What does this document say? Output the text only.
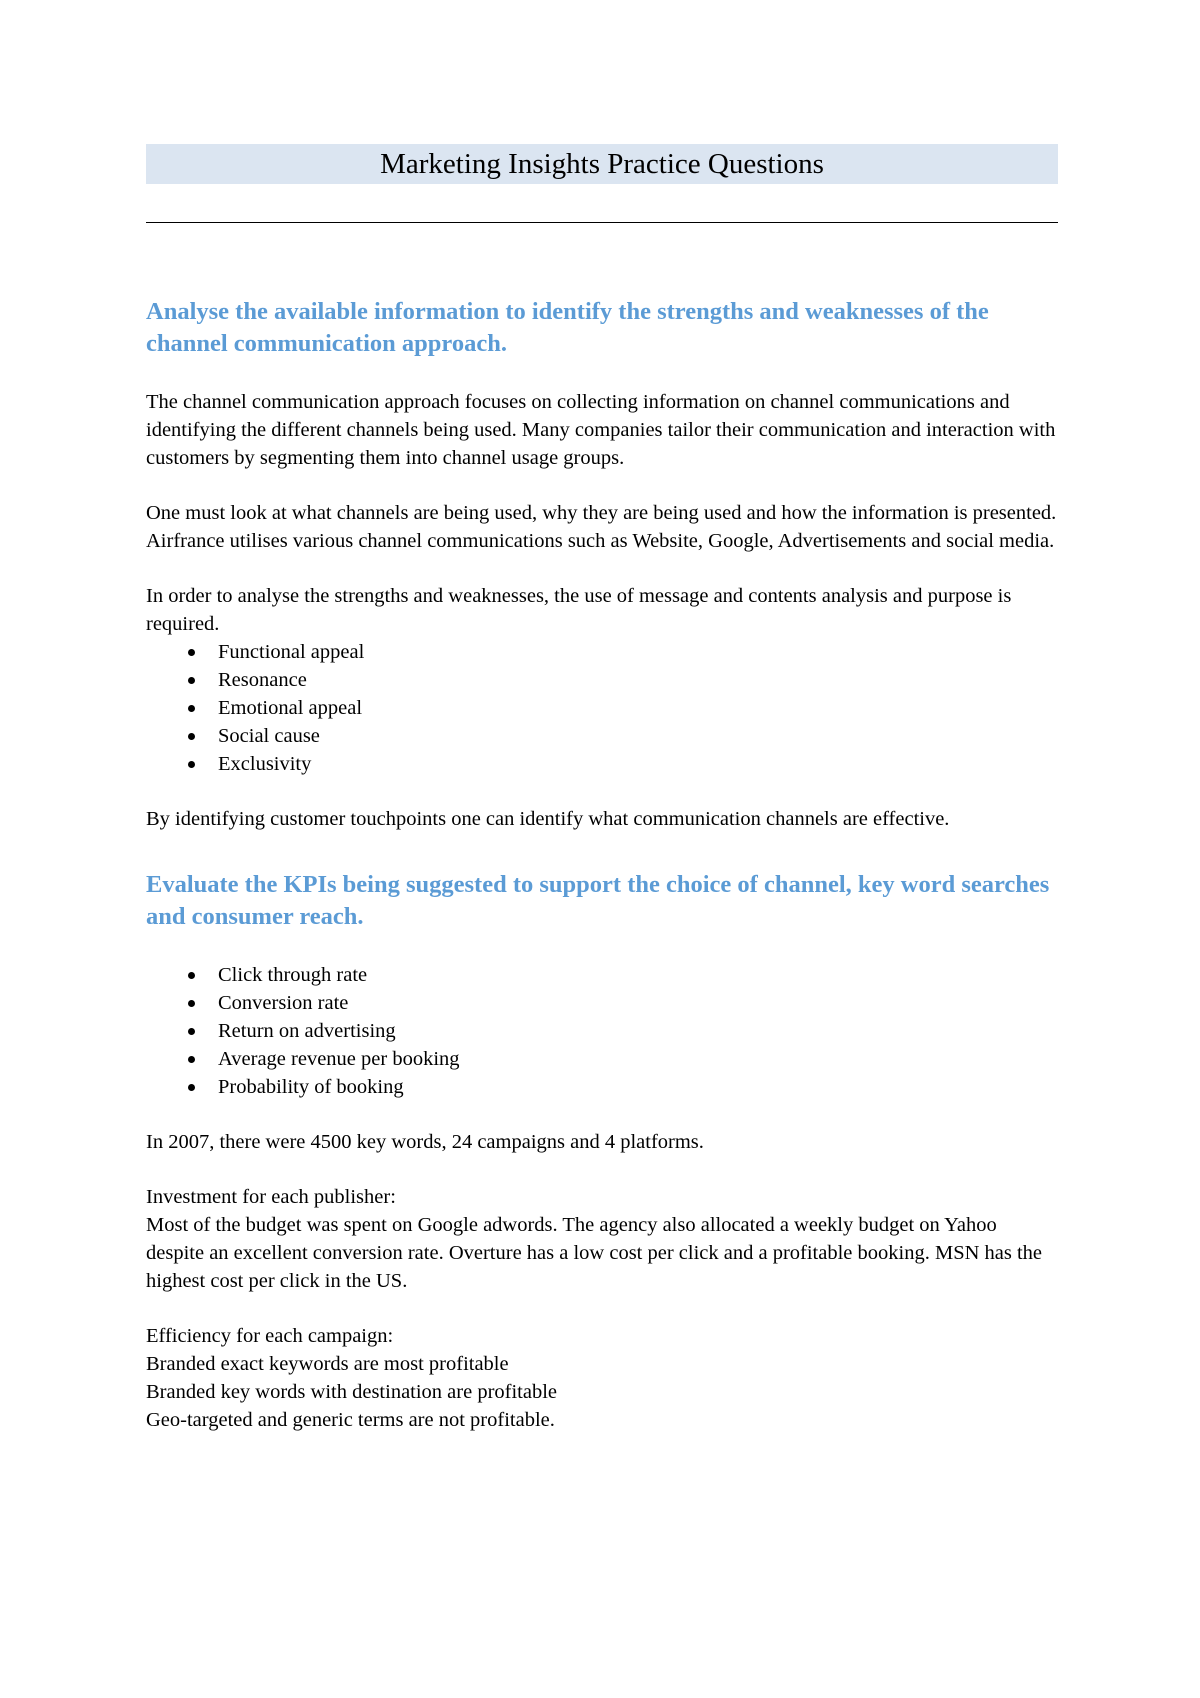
Marketing Insights Practice Questions
Analyse the available information to identify the strengths and weaknesses of the channel communication approach.

The channel communication approach focuses on collecting information on channel communications and identifying the different channels being used. Many companies tailor their communication and interaction with customers by segmenting them into channel usage groups.

One must look at what channels are being used, why they are being used and how the information is presented. Airfrance utilises various channel communications such as Website, Google, Advertisements and social media.

In order to analyse the strengths and weaknesses, the use of message and contents analysis and purpose is required.

Functional appeal
Resonance
Emotional appeal
Social cause
Exclusivity

By identifying customer touchpoints one can identify what communication channels are effective.

Evaluate the KPIs being suggested to support the choice of channel, key word searches and consumer reach.
Click through rate
Conversion rate
Return on advertising
Average revenue per booking
Probability of booking

In 2007, there were 4500 key words, 24 campaigns and 4 platforms.

Investment for each publisher:

Most of the budget was spent on Google adwords. The agency also allocated a weekly budget on Yahoo despite an excellent conversion rate. Overture has a low cost per click and a profitable booking. MSN has the highest cost per click in the US.

Efficiency for each campaign:

Branded exact keywords are most profitable

Branded key words with destination are profitable

Geo-targeted and generic terms are not profitable.
